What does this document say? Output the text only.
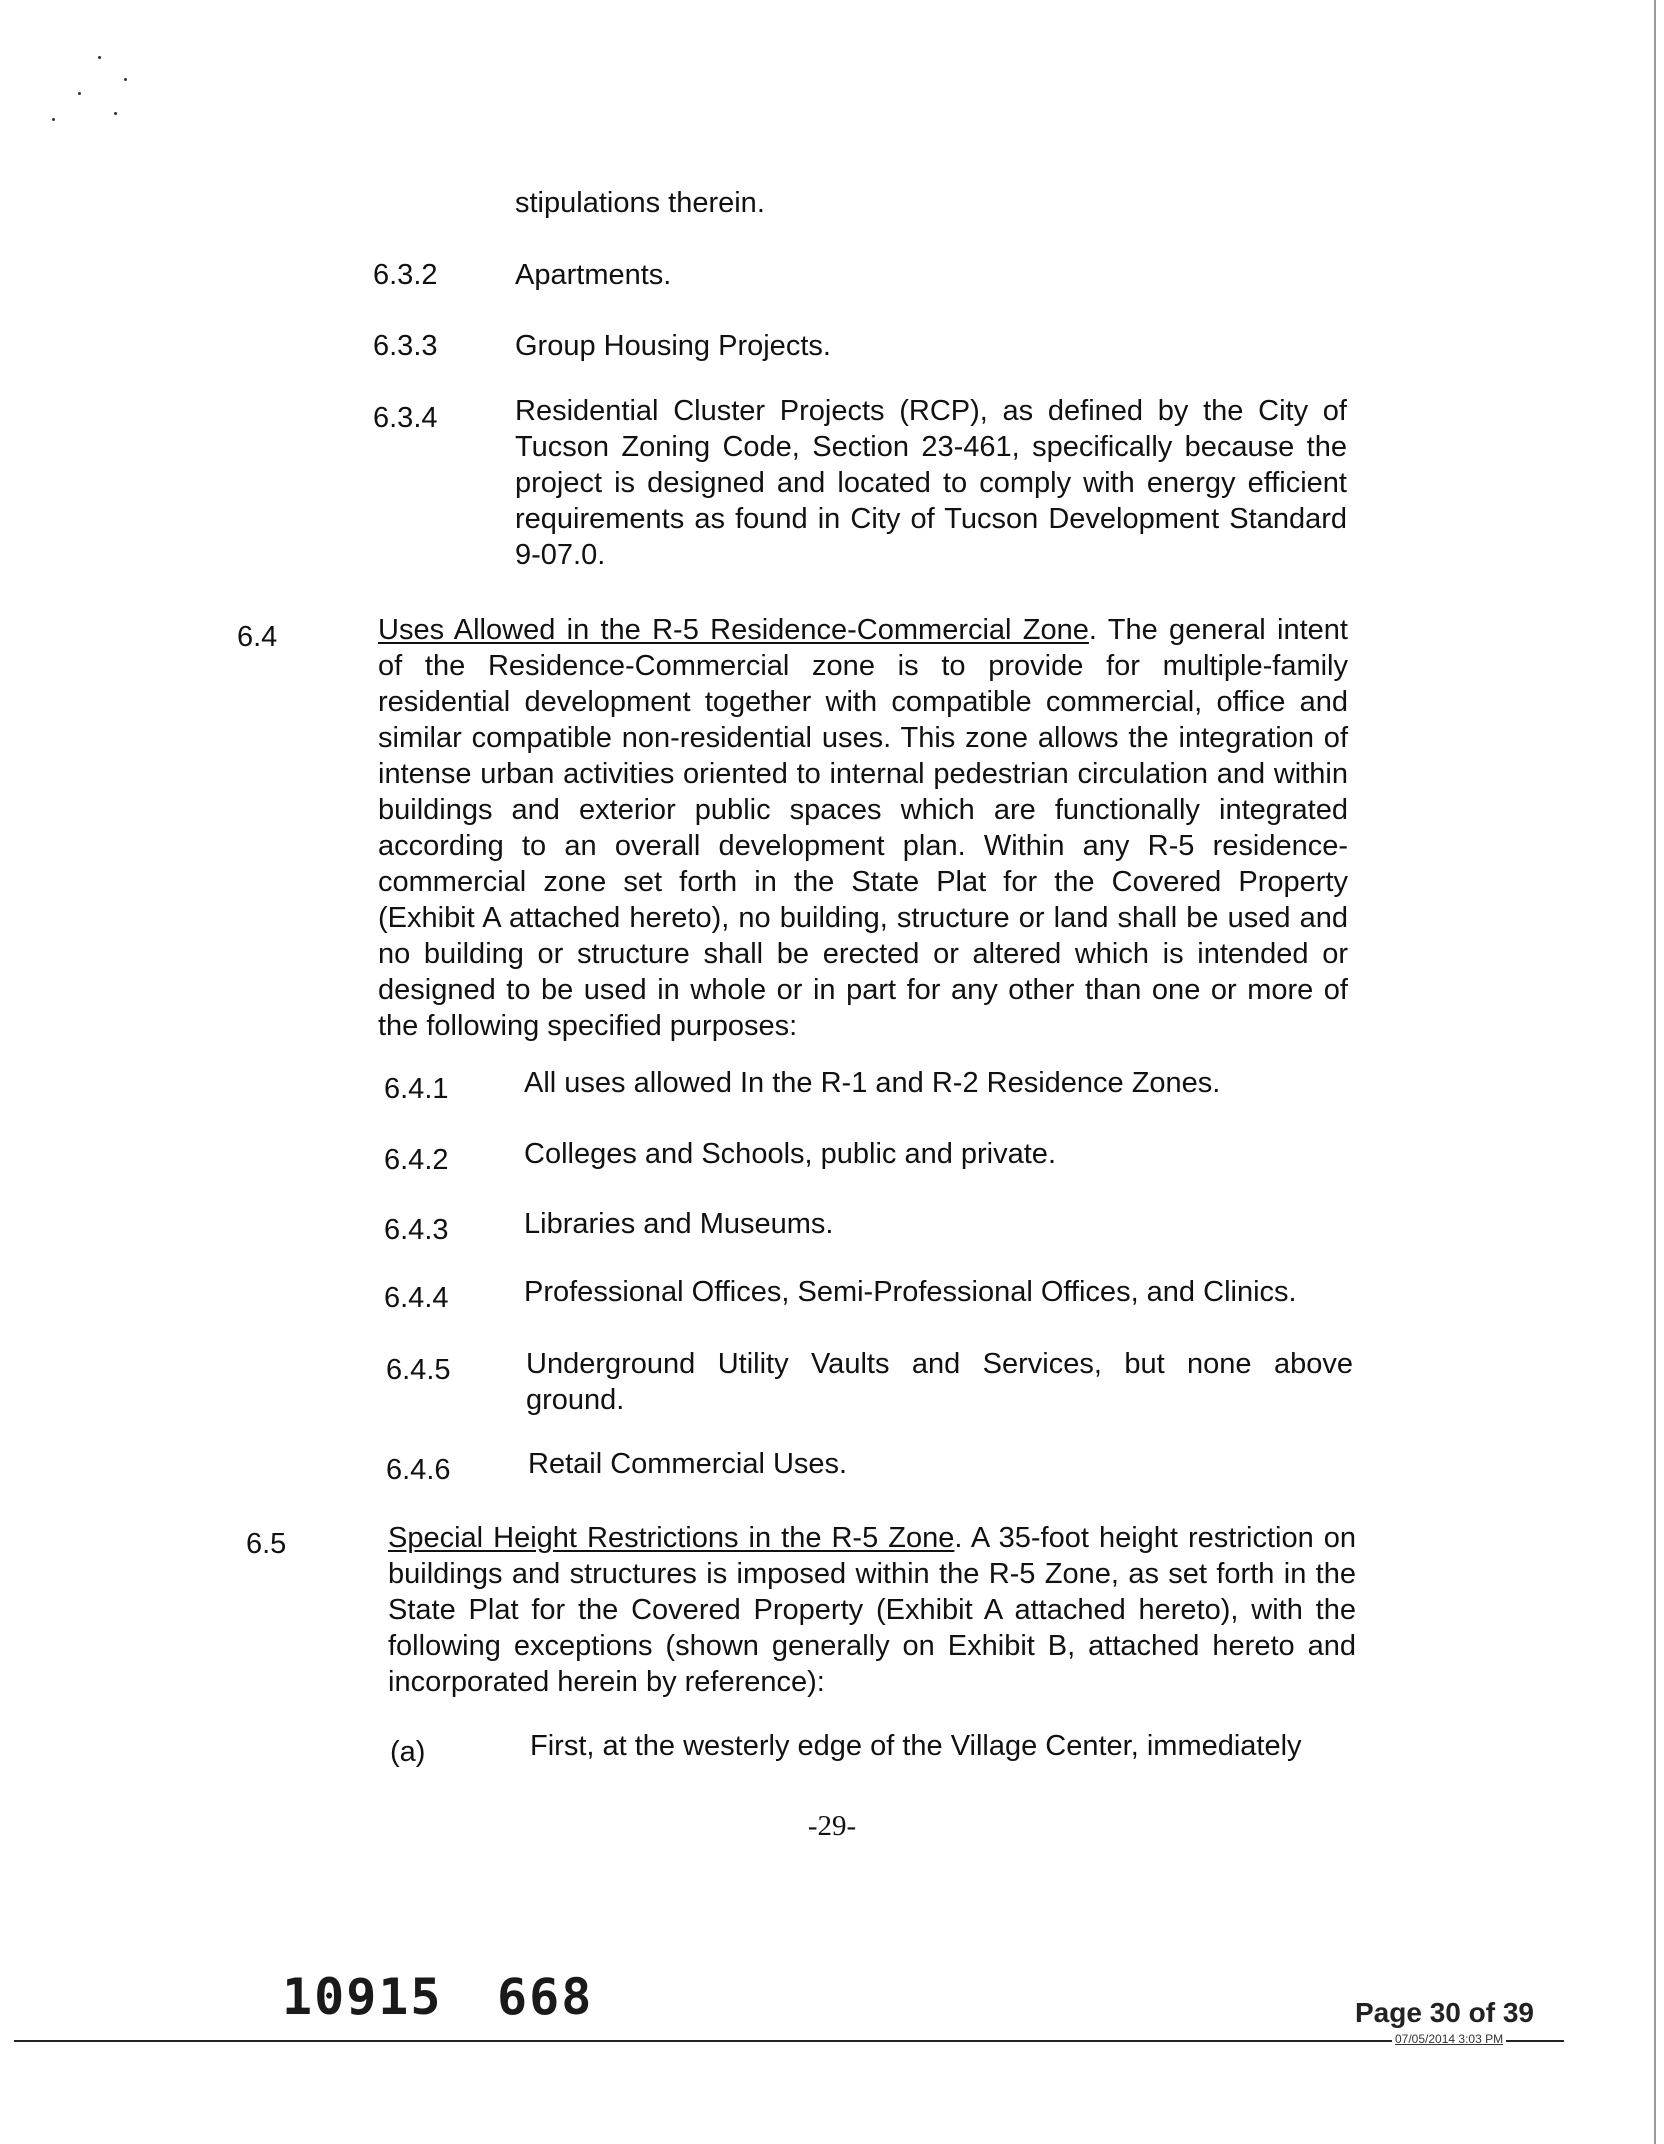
stipulations therein.
6.3.2	Apartments.
6.3.3	Group Housing Projects.
6.3.4	Residential Cluster Projects (RCP), as defined by the City of Tucson Zoning Code, Section 23-461, specifically because the project is designed and located to comply with energy efficient requirements as found in City of Tucson Development Standard 9-07.0.
6.4	Uses Allowed in the R-5 Residence-Commercial Zone. The general intent of the Residence-Commercial zone is to provide for multiple-family residential development together with compatible commercial, office and similar compatible non-residential uses. This zone allows the integration of intense urban activities oriented to internal pedestrian circulation and within buildings and exterior public spaces which are functionally integrated according to an overall development plan. Within any R-5 residence-commercial zone set forth in the State Plat for the Covered Property (Exhibit A attached hereto), no building, structure or land shall be used and no building or structure shall be erected or altered which is intended or designed to be used in whole or in part for any other than one or more of the following specified purposes:
6.4.1	All uses allowed In the R-1 and R-2 Residence Zones.
6.4.2	Colleges and Schools, public and private.
6.4.3	Libraries and Museums.
6.4.4	Professional Offices, Semi-Professional Offices, and Clinics.
6.4.5	Underground Utility Vaults and Services, but none above ground.
6.4.6	Retail Commercial Uses.
6.5	Special Height Restrictions in the R-5 Zone. A 35-foot height restriction on buildings and structures is imposed within the R-5 Zone, as set forth in the State Plat for the Covered Property (Exhibit A attached hereto), with the following exceptions (shown generally on Exhibit B, attached hereto and incorporated herein by reference):
(a)	First, at the westerly edge of the Village Center, immediately
-29-
10915 668	Page 30 of 39
07/05/2014 3:03 PM
